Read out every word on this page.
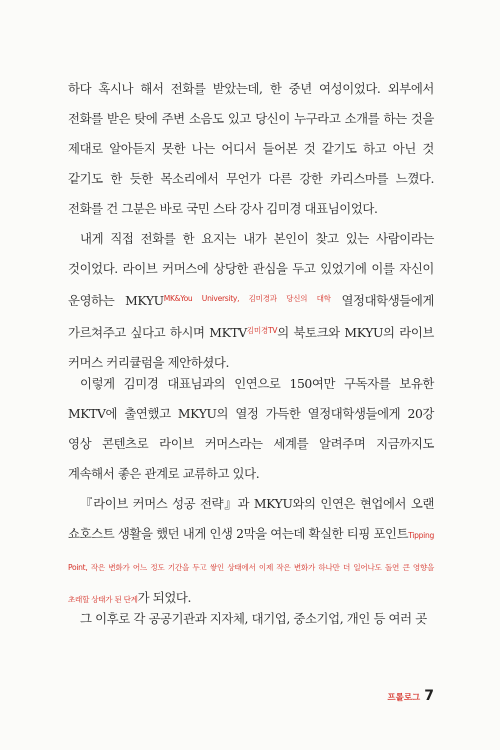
하다 혹시나 해서 전화를 받았는데, 한 중년 여성이었다. 외부에서 전화를 받은 탓에 주변 소음도 있고 당신이 누구라고 소개를 하는 것을 제대로 알아듣지 못한 나는 어디서 들어본 것 같기도 하고 아닌 것 같기도 한 듯한 목소리에서 무언가 다른 강한 카리스마를 느꼈다. 전화를 건 그분은 바로 국민 스타 강사 김미경 대표님이었다.

내게 직접 전화를 한 요지는 내가 본인이 찾고 있는 사람이라는 것이었다. 라이브 커머스에 상당한 관심을 두고 있었기에 이를 자신이 운영하는 MKYU$^{MK\&You University, 김미경과 당신의 대학}$ 열정대학생들에게 가르쳐주고 싶다고 하시며 MKTV$^{김미경TV}$의 북토크와 MKYU의 라이브 커머스 커리큘럼을 제안하셨다.

이렇게 김미경 대표님과의 인연으로 150여만 구독자를 보유한 MKTV에 출연했고 MKYU의 열정 가득한 열정대학생들에게 20강 영상 콘텐츠로 라이브 커머스라는 세계를 알려주며 지금까지도 계속해서 좋은 관계로 교류하고 있다.

『라이브 커머스 성공 전략』과 MKYU와의 인연은 현업에서 오랜 쇼호스트 생활을 했던 내게 인생 2막을 여는데 확실한 티핑 포인트Tipping Point, 작은 변화가 어느 정도 기간을 두고 쌓인 상태에서 이제 작은 변화가 하나만 더 일어나도 돌연 큰 영향을 초래할 상태가 된 단계가 되었다.

그 이후로 각 공공기관과 지자체, 대기업, 중소기업, 개인 등 여러 곳

프롤로그 7
